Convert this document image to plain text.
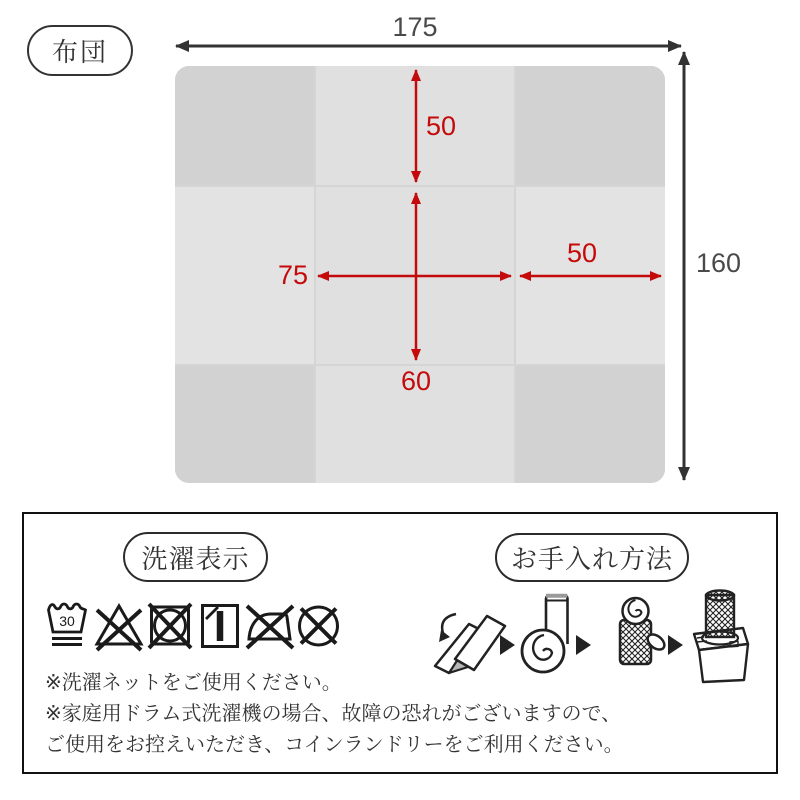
布団
175
160
50
75
50
60
洗濯表示	お手入れ方法
30
※洗濯ネットをご使用ください。
※家庭用ドラム式洗濯機の場合、故障の恐れがございますので、
ご使用をお控えいただき、コインランドリーをご利用ください。
